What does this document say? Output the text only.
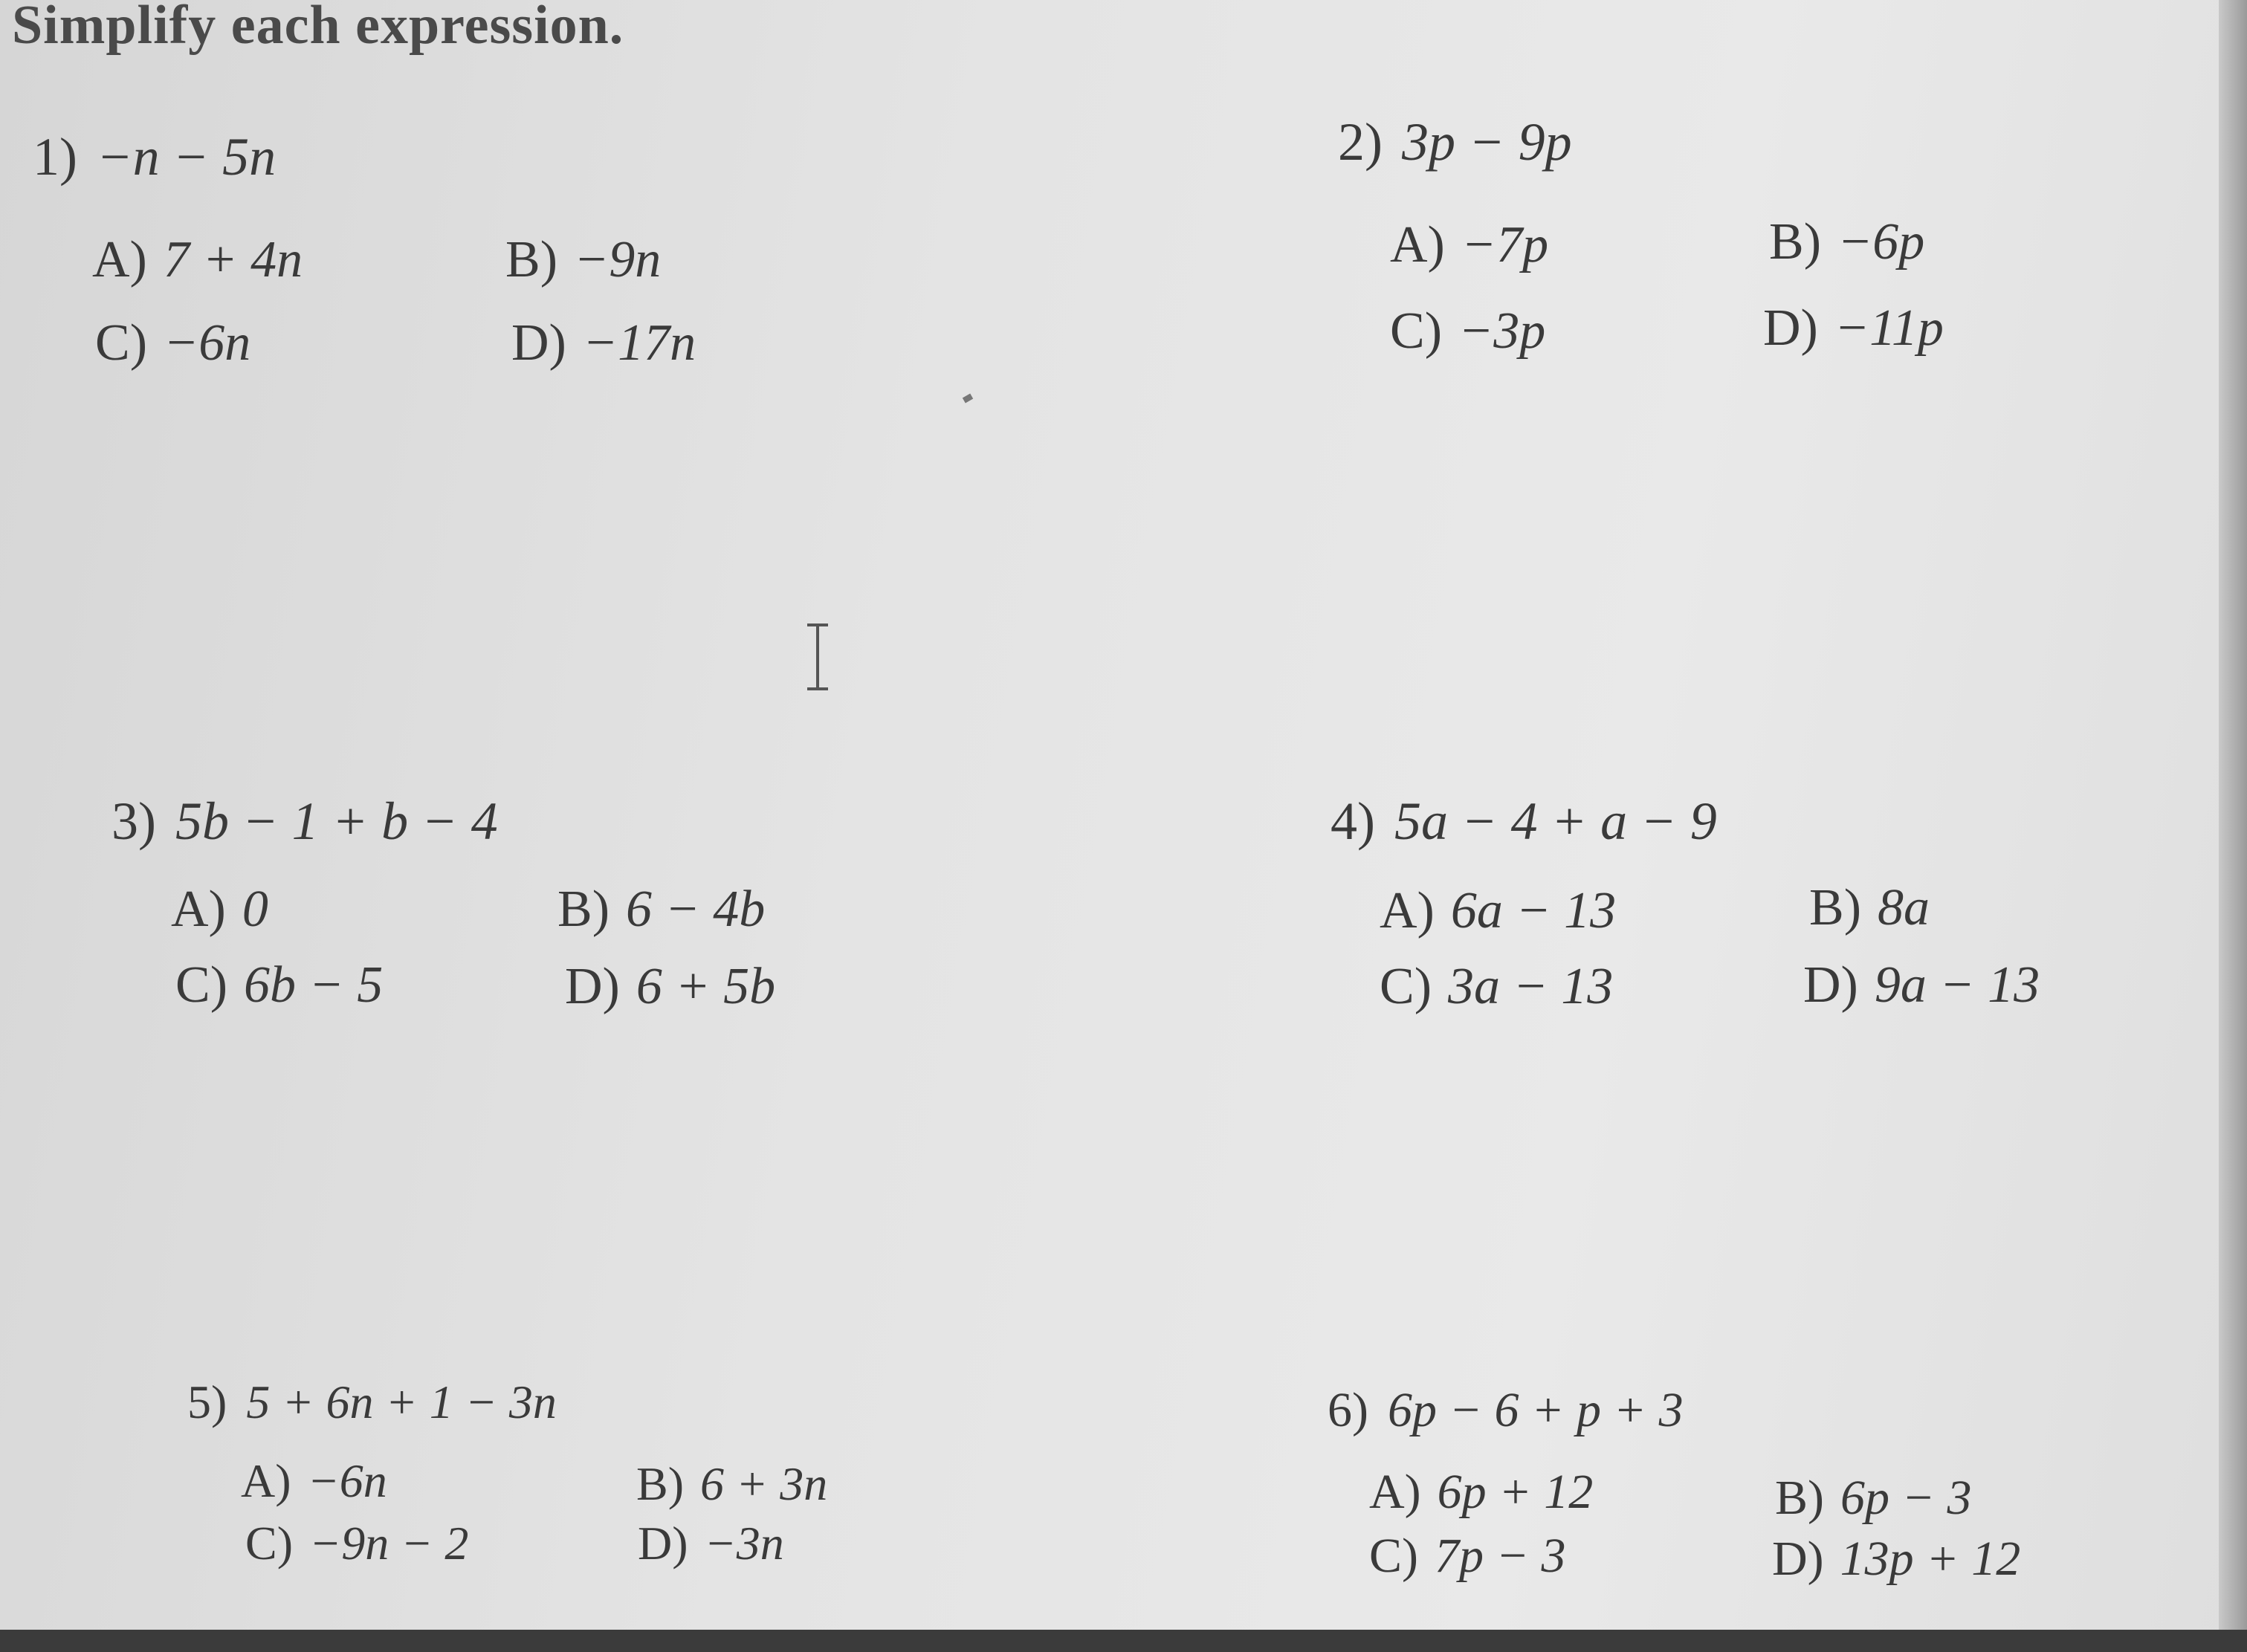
Simplify each expression.
1) −n − 5n
A) 7 + 4n	B) −9n
C) −6n	D) −17n
2) 3p − 9p
A) −7p	B) −6p
C) −3p	D) −11p
3) 5b − 1 + b − 4
A) 0	B) 6 − 4b
C) 6b − 5	D) 6 + 5b
4) 5a − 4 + a − 9
A) 6a − 13	B) 8a
C) 3a − 13	D) 9a − 13
5) 5 + 6n + 1 − 3n
A) −6n	B) 6 + 3n
C) −9n − 2	D) −3n
6) 6p − 6 + p + 3
A) 6p + 12	B) 6p − 3
C) 7p − 3	D) 13p + 12
